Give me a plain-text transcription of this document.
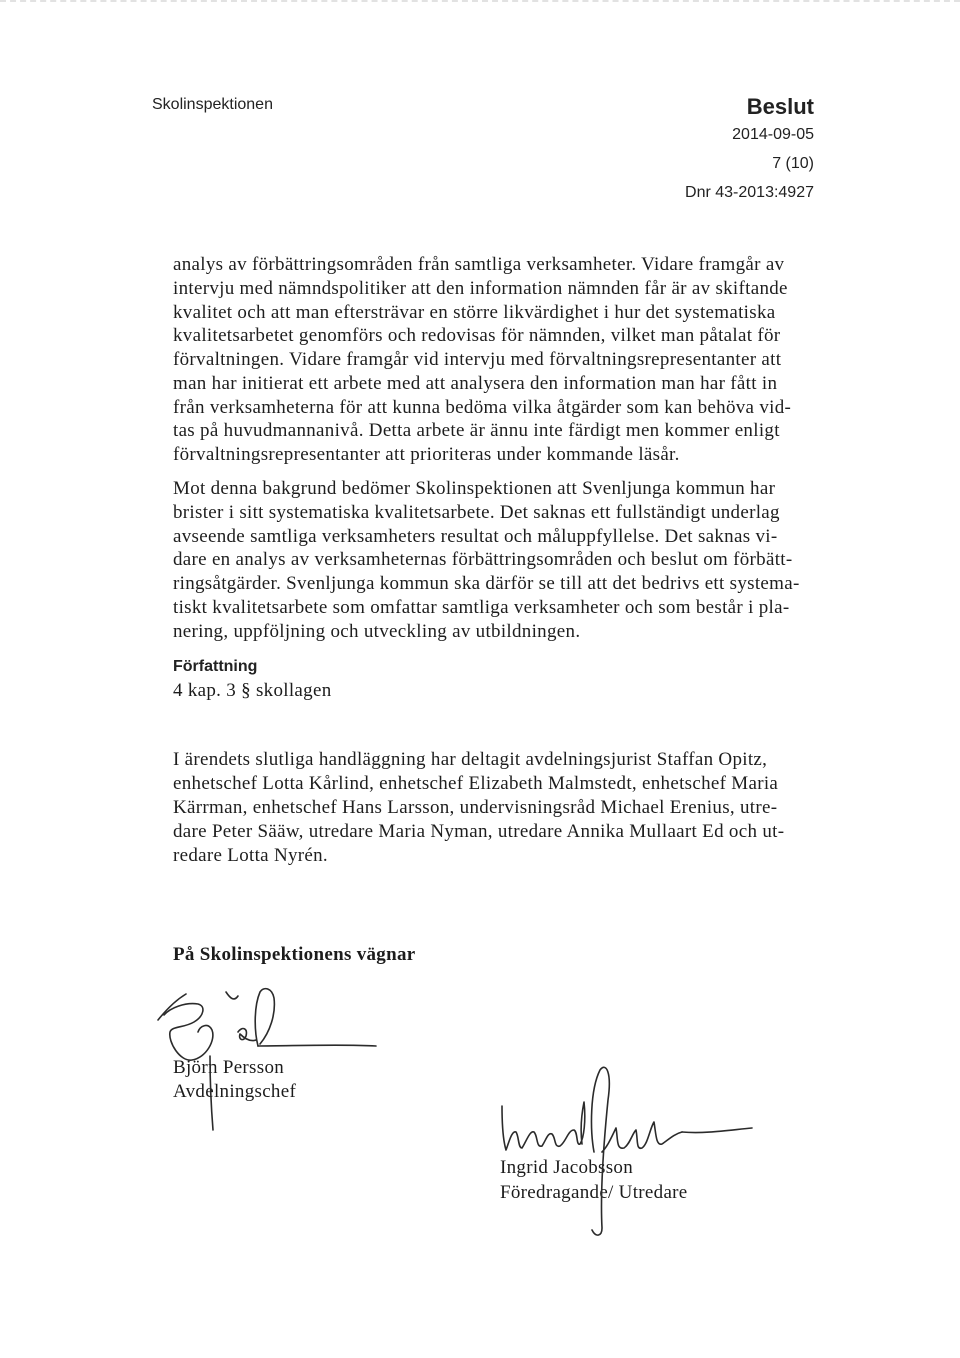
Skolinspektionen	Beslut
2014-09-05
7 (10)
Dnr 43-2013:4927
analys av förbättringsområden från samtliga verksamheter. Vidare framgår av
intervju med nämndspolitiker att den information nämnden får är av skiftande
kvalitet och att man eftersträvar en större likvärdighet i hur det systematiska
kvalitetsarbetet genomförs och redovisas för nämnden, vilket man påtalat för
förvaltningen. Vidare framgår vid intervju med förvaltningsrepresentanter att
man har initierat ett arbete med att analysera den information man har fått in
från verksamheterna för att kunna bedöma vilka åtgärder som kan behöva vid-
tas på huvudmannanivå. Detta arbete är ännu inte färdigt men kommer enligt
förvaltningsrepresentanter att prioriteras under kommande läsår.
Mot denna bakgrund bedömer Skolinspektionen att Svenljunga kommun har
brister i sitt systematiska kvalitetsarbete. Det saknas ett fullständigt underlag
avseende samtliga verksamheters resultat och måluppfyllelse. Det saknas vi-
dare en analys av verksamheternas förbättringsområden och beslut om förbätt-
ringsåtgärder. Svenljunga kommun ska därför se till att det bedrivs ett systema-
tiskt kvalitetsarbete som omfattar samtliga verksamheter och som består i pla-
nering, uppföljning och utveckling av utbildningen.
Författning
4 kap. 3 § skollagen
I ärendets slutliga handläggning har deltagit avdelningsjurist Staffan Opitz,
enhetschef Lotta Kårlind, enhetschef Elizabeth Malmstedt, enhetschef Maria
Kärrman, enhetschef Hans Larsson, undervisningsråd Michael Erenius, utre-
dare Peter Sääw, utredare Maria Nyman, utredare Annika Mullaart Ed och ut-
redare Lotta Nyrén.
På Skolinspektionens vägnar
Björn Persson
Avdelningschef
Ingrid Jacobsson
Föredragande/ Utredare
